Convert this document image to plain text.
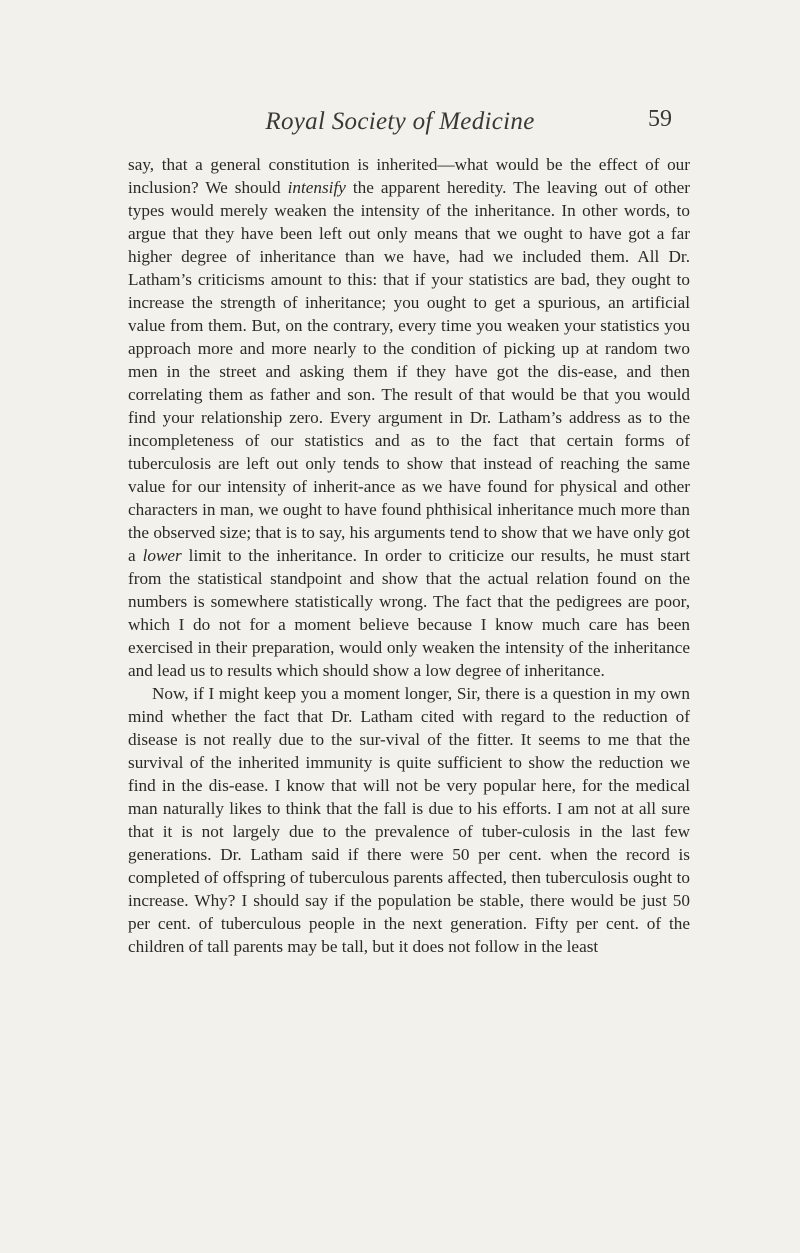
Royal Society of Medicine	59

say, that a general constitution is inherited—what would be the effect of our inclusion? We should intensify the apparent heredity. The leaving out of other types would merely weaken the intensity of the inheritance. In other words, to argue that they have been left out only means that we ought to have got a far higher degree of inheritance than we have, had we included them. All Dr. Latham’s criticisms amount to this: that if your statistics are bad, they ought to increase the strength of inheritance; you ought to get a spurious, an artificial value from them. But, on the contrary, every time you weaken your statistics you approach more and more nearly to the condition of picking up at random two men in the street and asking them if they have got the dis-ease, and then correlating them as father and son. The result of that would be that you would find your relationship zero. Every argument in Dr. Latham’s address as to the incompleteness of our statistics and as to the fact that certain forms of tuberculosis are left out only tends to show that instead of reaching the same value for our intensity of inherit-ance as we have found for physical and other characters in man, we ought to have found phthisical inheritance much more than the observed size; that is to say, his arguments tend to show that we have only got a lower limit to the inheritance. In order to criticize our results, he must start from the statistical standpoint and show that the actual relation found on the numbers is somewhere statistically wrong. The fact that the pedigrees are poor, which I do not for a moment believe because I know much care has been exercised in their preparation, would only weaken the intensity of the inheritance and lead us to results which should show a low degree of inheritance.

Now, if I might keep you a moment longer, Sir, there is a question in my own mind whether the fact that Dr. Latham cited with regard to the reduction of disease is not really due to the sur-vival of the fitter. It seems to me that the survival of the inherited immunity is quite sufficient to show the reduction we find in the dis-ease. I know that will not be very popular here, for the medical man naturally likes to think that the fall is due to his efforts. I am not at all sure that it is not largely due to the prevalence of tuber-culosis in the last few generations. Dr. Latham said if there were 50 per cent. when the record is completed of offspring of tuberculous parents affected, then tuberculosis ought to increase. Why? I should say if the population be stable, there would be just 50 per cent. of tuberculous people in the next generation. Fifty per cent. of the children of tall parents may be tall, but it does not follow in the least
